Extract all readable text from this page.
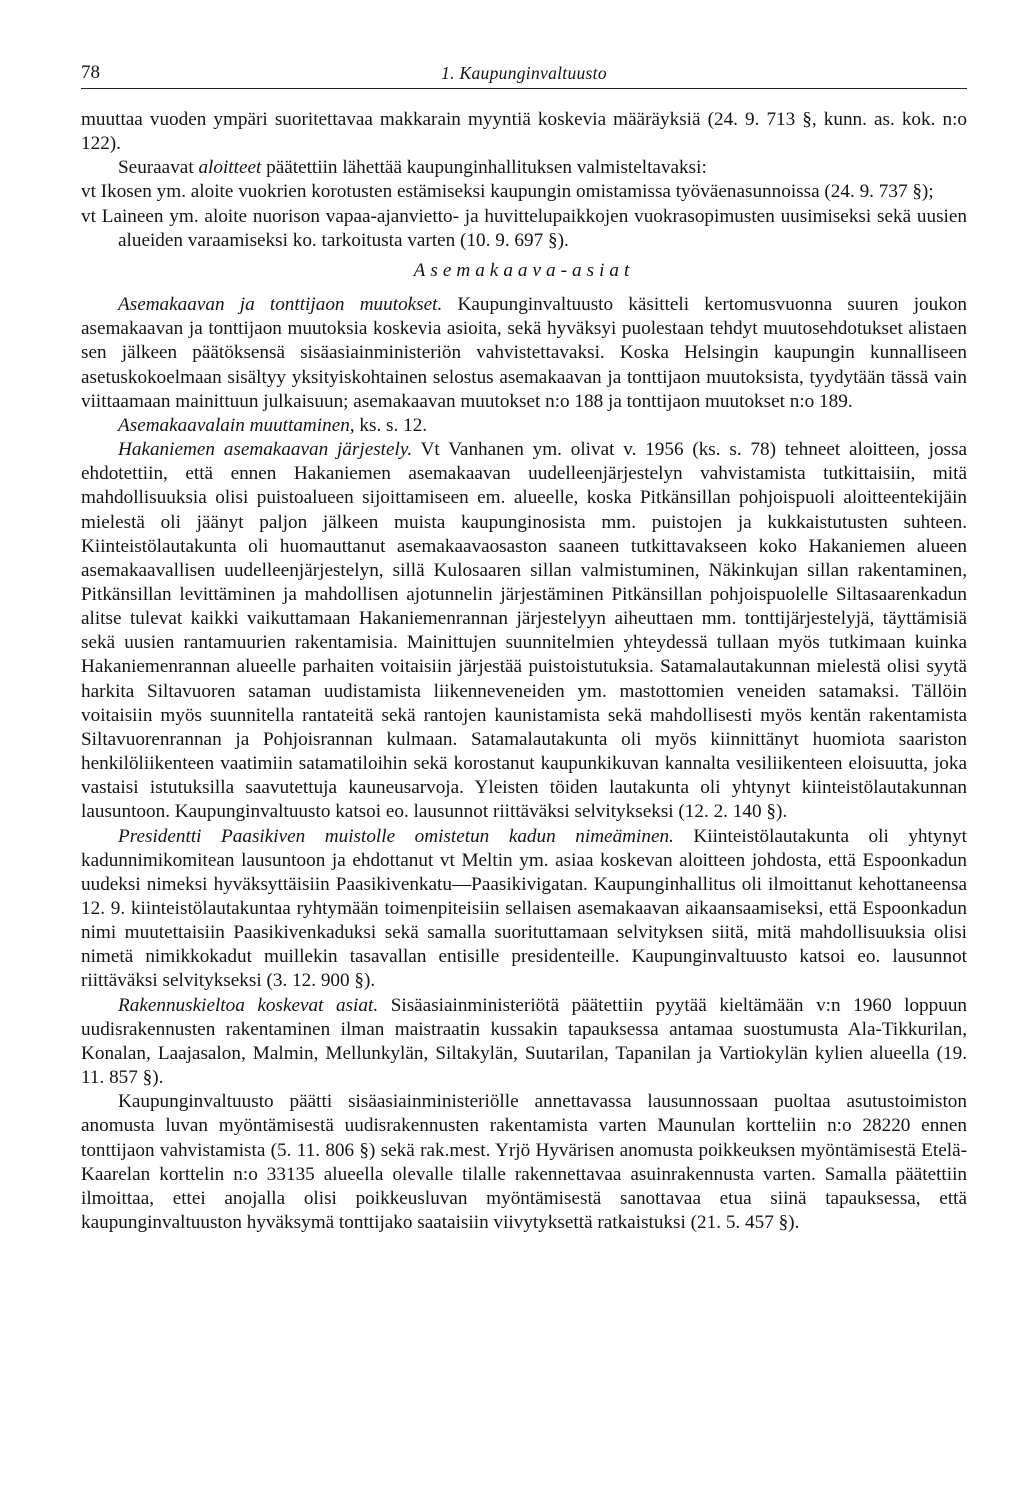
78	1. Kaupunginvaltuusto

muuttaa vuoden ympäri suoritettavaa makkarain myyntiä koskevia määräyksiä (24. 9. 713 §, kunn. as. kok. n:o 122).

Seuraavat aloitteet päätettiin lähettää kaupunginhallituksen valmisteltavaksi:

vt Ikosen ym. aloite vuokrien korotusten estämiseksi kaupungin omistamissa työväenasunnoissa (24. 9. 737 §);

vt Laineen ym. aloite nuorison vapaa-ajanvietto- ja huvittelupaikkojen vuokrasopimusten uusimiseksi sekä uusien alueiden varaamiseksi ko. tarkoitusta varten (10. 9. 697 §).

Asemakaava-asiat

Asemakaavan ja tonttijaon muutokset. Kaupunginvaltuusto käsitteli kertomusvuonna suuren joukon asemakaavan ja tonttijaon muutoksia koskevia asioita, sekä hyväksyi puolestaan tehdyt muutosehdotukset alistaen sen jälkeen päätöksensä sisäasiainministeriön vahvistettavaksi. Koska Helsingin kaupungin kunnalliseen asetuskokoelmaan sisältyy yksityiskohtainen selostus asemakaavan ja tonttijaon muutoksista, tyydytään tässä vain viittaamaan mainittuun julkaisuun; asemakaavan muutokset n:o 188 ja tonttijaon muutokset n:o 189.

Asemakaavalain muuttaminen, ks. s. 12.

Hakaniemen asemakaavan järjestely. Vt Vanhanen ym. olivat v. 1956 (ks. s. 78) tehneet aloitteen, jossa ehdotettiin, että ennen Hakaniemen asemakaavan uudelleenjärjestelyn vahvistamista tutkittaisiin, mitä mahdollisuuksia olisi puistoalueen sijoittamiseen em. alueelle, koska Pitkänsillan pohjoispuoli aloitteentekijäin mielestä oli jäänyt paljon jälkeen muista kaupunginosista mm. puistojen ja kukkaistutusten suhteen. Kiinteistölautakunta oli huomauttanut asemakaavaosaston saaneen tutkittavakseen koko Hakaniemen alueen asemakaavallisen uudelleenjärjestelyn, sillä Kulosaaren sillan valmistuminen, Näkinkujan sillan rakentaminen, Pitkänsillan levittäminen ja mahdollisen ajotunnelin järjestäminen Pitkänsillan pohjoispuolelle Siltasaarenkadun alitse tulevat kaikki vaikuttamaan Hakaniemenrannan järjestelyyn aiheuttaen mm. tonttijärjestelyjä, täyttämisiä sekä uusien rantamuurien rakentamisia. Mainittujen suunnitelmien yhteydessä tullaan myös tutkimaan kuinka Hakaniemenrannan alueelle parhaiten voitaisiin järjestää puistoistutuksia. Satamalautakunnan mielestä olisi syytä harkita Siltavuoren sataman uudistamista liikenneveneiden ym. mastottomien veneiden satamaksi. Tällöin voitaisiin myös suunnitella rantateitä sekä rantojen kaunistamista sekä mahdollisesti myös kentän rakentamista Siltavuorenrannan ja Pohjoisrannan kulmaan. Satamalautakunta oli myös kiinnittänyt huomiota saariston henkilöliikenteen vaatimiin satamatiloihin sekä korostanut kaupunkikuvan kannalta vesiliikenteen eloisuutta, joka vastaisi istutuksilla saavutettuja kauneusarvoja. Yleisten töiden lautakunta oli yhtynyt kiinteistölautakunnan lausuntoon. Kaupunginvaltuusto katsoi eo. lausunnot riittäväksi selvitykseksi (12. 2. 140 §).

Presidentti Paasikiven muistolle omistetun kadun nimeäminen. Kiinteistölautakunta oli yhtynyt kadunnimikomitean lausuntoon ja ehdottanut vt Meltin ym. asiaa koskevan aloitteen johdosta, että Espoonkadun uudeksi nimeksi hyväksyttäisiin Paasikivenkatu—Paasikivigatan. Kaupunginhallitus oli ilmoittanut kehottaneensa 12. 9. kiinteistölautakuntaa ryhtymään toimenpiteisiin sellaisen asemakaavan aikaansaamiseksi, että Espoonkadun nimi muutettaisiin Paasikivenkaduksi sekä samalla suorituttamaan selvityksen siitä, mitä mahdollisuuksia olisi nimetä nimikkokadut muillekin tasavallan entisille presidenteille. Kaupunginvaltuusto katsoi eo. lausunnot riittäväksi selvitykseksi (3. 12. 900 §).

Rakennuskieltoa koskevat asiat. Sisäasiainministeriötä päätettiin pyytää kieltämään v:n 1960 loppuun uudisrakennusten rakentaminen ilman maistraatin kussakin tapauksessa antamaa suostumusta Ala-Tikkurilan, Konalan, Laajasalon, Malmin, Mellunkylän, Siltakylän, Suutarilan, Tapanilan ja Vartiokylän kylien alueella (19. 11. 857 §).

Kaupunginvaltuusto päätti sisäasiainministeriölle annettavassa lausunnossaan puoltaa asutustoimiston anomusta luvan myöntämisestä uudisrakennusten rakentamista varten Maunulan kortteliin n:o 28220 ennen tonttijaon vahvistamista (5. 11. 806 §) sekä rak.mest. Yrjö Hyvärisen anomusta poikkeuksen myöntämisestä Etelä-Kaarelan korttelin n:o 33135 alueella olevalle tilalle rakennettavaa asuinrakennusta varten. Samalla päätettiin ilmoittaa, ettei anojalla olisi poikkeusluvan myöntämisestä sanottavaa etua siinä tapauksessa, että kaupunginvaltuuston hyväksymä tonttijako saataisiin viivytyksettä ratkaistuksi (21. 5. 457 §).
